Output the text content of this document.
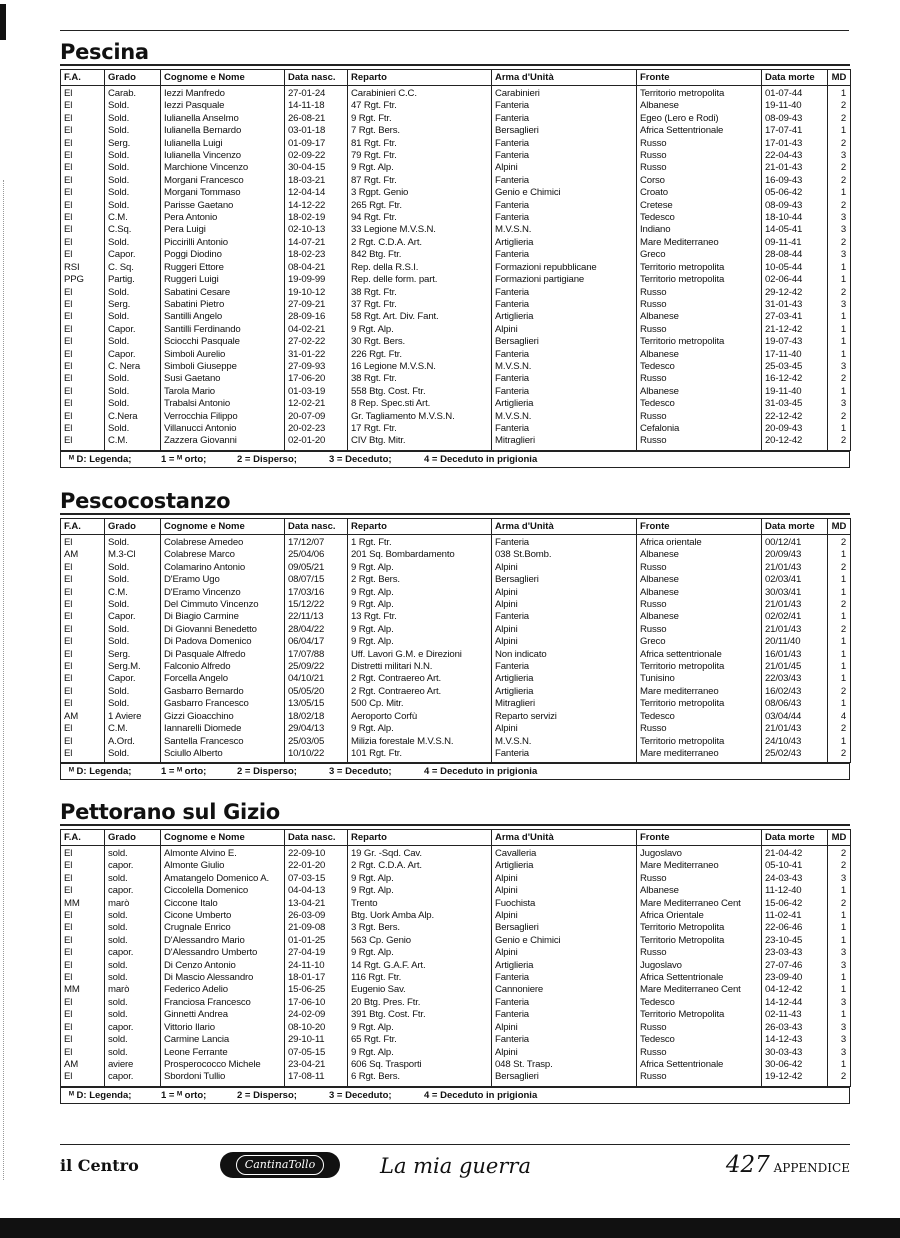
Pescina
F.A.	Grado	Cognome e Nome	Data nasc.	Reparto	Arma d'Unità	Fronte	Data morte	MD
El	Carab.	Iezzi Manfredo	27-01-24	Carabinieri C.C.	Carabinieri	Territorio metropolita	01-07-44	1
El	Sold.	Iezzi Pasquale	14-11-18	47 Rgt. Ftr.	Fanteria	Albanese	19-11-40	2
El	Sold.	Iulianella Anselmo	26-08-21	9 Rgt. Ftr.	Fanteria	Egeo (Lero e Rodi)	08-09-43	2
El	Sold.	Iulianella Bernardo	03-01-18	7 Rgt. Bers.	Bersaglieri	Africa Settentrionale	17-07-41	1
El	Serg.	Iulianella Luigi	01-09-17	81 Rgt. Ftr.	Fanteria	Russo	17-01-43	2
El	Sold.	Iulianella Vincenzo	02-09-22	79 Rgt. Ftr.	Fanteria	Russo	22-04-43	3
El	Sold.	Marchione Vincenzo	30-04-15	9 Rgt. Alp.	Alpini	Russo	21-01-43	2
El	Sold.	Morgani Francesco	18-03-21	87 Rgt. Ftr.	Fanteria	Corso	16-09-43	2
El	Sold.	Morgani Tommaso	12-04-14	3 Rgpt. Genio	Genio e Chimici	Croato	05-06-42	1
El	Sold.	Parisse Gaetano	14-12-22	265 Rgt. Ftr.	Fanteria	Cretese	08-09-43	2
El	C.M.	Pera Antonio	18-02-19	94 Rgt. Ftr.	Fanteria	Tedesco	18-10-44	3
El	C.Sq.	Pera Luigi	02-10-13	33 Legione M.V.S.N.	M.V.S.N.	Indiano	14-05-41	3
El	Sold.	Piccirilli Antonio	14-07-21	2 Rgt. C.D.A. Art.	Artiglieria	Mare Mediterraneo	09-11-41	2
El	Capor.	Poggi Diodino	18-02-23	842 Btg. Ftr.	Fanteria	Greco	28-08-44	3
RSI	C. Sq.	Ruggeri Ettore	08-04-21	Rep. della R.S.I.	Formazioni repubblicane	Territorio metropolita	10-05-44	1
PPG	Partig.	Ruggeri Luigi	19-09-99	Rep. delle form. part.	Formazioni partigiane	Territorio metropolita	02-06-44	1
El	Sold.	Sabatini Cesare	19-10-12	38 Rgt. Ftr.	Fanteria	Russo	29-12-42	2
El	Serg.	Sabatini Pietro	27-09-21	37 Rgt. Ftr.	Fanteria	Russo	31-01-43	3
El	Sold.	Santilli Angelo	28-09-16	58 Rgt. Art. Div. Fant.	Artiglieria	Albanese	27-03-41	1
El	Capor.	Santilli Ferdinando	04-02-21	9 Rgt. Alp.	Alpini	Russo	21-12-42	1
El	Sold.	Sciocchi Pasquale	27-02-22	30 Rgt. Bers.	Bersaglieri	Territorio metropolita	19-07-43	1
El	Capor.	Simboli Aurelio	31-01-22	226 Rgt. Ftr.	Fanteria	Albanese	17-11-40	1
El	C. Nera	Simboli Giuseppe	27-09-93	16 Legione M.V.S.N.	M.V.S.N.	Tedesco	25-03-45	3
El	Sold.	Susi Gaetano	17-06-20	38 Rgt. Ftr.	Fanteria	Russo	16-12-42	2
El	Sold.	Tarola Mario	01-03-19	558 Btg. Cost. Ftr.	Fanteria	Albanese	19-11-40	1
El	Sold.	Trabalsi Antonio	12-02-21	8 Rep. Spec.sti Art.	Artiglieria	Tedesco	31-03-45	3
El	C.Nera	Verrocchia Filippo	20-07-09	Gr. Tagliamento M.V.S.N.	M.V.S.N.	Russo	22-12-42	2
El	Sold.	Villanucci Antonio	20-02-23	17 Rgt. Ftr.	Fanteria	Cefalonia	20-09-43	1
El	C.M.	Zazzera Giovanni	02-01-20	CIV Btg. Mitr.	Mitraglieri	Russo	20-12-42	2
ᴹ D: Legenda;	1 = ᴹ orto;	2 = Disperso;	3 = Deceduto;	4 = Deceduto in prigionia
Pescocostanzo
F.A.	Grado	Cognome e Nome	Data nasc.	Reparto	Arma d'Unità	Fronte	Data morte	MD
El	Sold.	Colabrese Amedeo	17/12/07	1 Rgt. Ftr.	Fanteria	Africa orientale	00/12/41	2
AM	M.3-Cl	Colabrese Marco	25/04/06	201 Sq. Bombardamento	038 St.Bomb.	Albanese	20/09/43	1
El	Sold.	Colamarino Antonio	09/05/21	9 Rgt. Alp.	Alpini	Russo	21/01/43	2
El	Sold.	D'Eramo Ugo	08/07/15	2 Rgt. Bers.	Bersaglieri	Albanese	02/03/41	1
El	C.M.	D'Eramo Vincenzo	17/03/16	9 Rgt. Alp.	Alpini	Albanese	30/03/41	1
El	Sold.	Del Cimmuto Vincenzo	15/12/22	9 Rgt. Alp.	Alpini	Russo	21/01/43	2
El	Capor.	Di Biagio Carmine	22/11/13	13 Rgt. Ftr.	Fanteria	Albanese	02/02/41	1
El	Sold.	Di Giovanni Benedetto	28/04/22	9 Rgt. Alp.	Alpini	Russo	21/01/43	2
El	Sold.	Di Padova Domenico	06/04/17	9 Rgt. Alp.	Alpini	Greco	20/11/40	1
El	Serg.	Di Pasquale Alfredo	17/07/88	Uff. Lavori G.M. e Direzioni	Non indicato	Africa settentrionale	16/01/43	1
El	Serg.M.	Falconio Alfredo	25/09/22	Distretti militari N.N.	Fanteria	Territorio metropolita	21/01/45	1
El	Capor.	Forcella Angelo	04/10/21	2 Rgt. Contraereo Art.	Artiglieria	Tunisino	22/03/43	1
El	Sold.	Gasbarro Bernardo	05/05/20	2 Rgt. Contraereo Art.	Artiglieria	Mare mediterraneo	16/02/43	2
El	Sold.	Gasbarro Francesco	13/05/15	500 Cp. Mitr.	Mitraglieri	Territorio metropolita	08/06/43	1
AM	1 Aviere	Gizzi Gioacchino	18/02/18	Aeroporto Corfù	Reparto servizi	Tedesco	03/04/44	4
El	C.M.	Iannarelli Diomede	29/04/13	9 Rgt. Alp.	Alpini	Russo	21/01/43	2
El	A.Ord.	Santella Francesco	25/03/05	Milizia forestale M.V.S.N.	M.V.S.N.	Territorio metropolita	24/10/43	1
El	Sold.	Sciullo Alberto	10/10/22	101 Rgt. Ftr.	Fanteria	Mare mediterraneo	25/02/43	2
ᴹ D: Legenda;	1 = ᴹ orto;	2 = Disperso;	3 = Deceduto;	4 = Deceduto in prigionia
Pettorano sul Gizio
F.A.	Grado	Cognome e Nome	Data nasc.	Reparto	Arma d'Unità	Fronte	Data morte	MD
El	sold.	Almonte Alvino E.	22-09-10	19 Gr. -Sqd. Cav.	Cavalleria	Jugoslavo	21-04-42	2
El	capor.	Almonte Giulio	22-01-20	2 Rgt. C.D.A. Art.	Artiglieria	Mare Mediterraneo	05-10-41	2
El	sold.	Amatangelo Domenico A.	07-03-15	9 Rgt. Alp.	Alpini	Russo	24-03-43	3
El	capor.	Ciccolella Domenico	04-04-13	9 Rgt. Alp.	Alpini	Albanese	11-12-40	1
MM	marò	Ciccone Italo	13-04-21	Trento	Fuochista	Mare Mediterraneo Cent	15-06-42	2
El	sold.	Cicone Umberto	26-03-09	Btg. Uork Amba Alp.	Alpini	Africa Orientale	11-02-41	1
El	sold.	Crugnale Enrico	21-09-08	3 Rgt. Bers.	Bersaglieri	Territorio Metropolita	22-06-46	1
El	sold.	D'Alessandro Mario	01-01-25	563 Cp. Genio	Genio e Chimici	Territorio Metropolita	23-10-45	1
El	capor.	D'Alessandro Umberto	27-04-19	9 Rgt. Alp.	Alpini	Russo	23-03-43	3
El	sold.	Di Cenzo Antonio	24-11-10	14 Rgt. G.A.F. Art.	Artiglieria	Jugoslavo	27-07-46	3
El	sold.	Di Mascio Alessandro	18-01-17	116 Rgt. Ftr.	Fanteria	Africa Settentrionale	23-09-40	1
MM	marò	Federico Adelio	15-06-25	Eugenio Sav.	Cannoniere	Mare Mediterraneo Cent	04-12-42	1
El	sold.	Franciosa Francesco	17-06-10	20 Btg. Pres. Ftr.	Fanteria	Tedesco	14-12-44	3
El	sold.	Ginnetti Andrea	24-02-09	391 Btg. Cost. Ftr.	Fanteria	Territorio Metropolita	02-11-43	1
El	capor.	Vittorio Ilario	08-10-20	9 Rgt. Alp.	Alpini	Russo	26-03-43	3
El	sold.	Carmine Lancia	29-10-11	65 Rgt. Ftr.	Fanteria	Tedesco	14-12-43	3
El	sold.	Leone Ferrante	07-05-15	9 Rgt. Alp.	Alpini	Russo	30-03-43	3
AM	aviere	Prosperococco Michele	23-04-21	606 Sq. Trasporti	048 St. Trasp.	Africa Settentrionale	30-06-42	1
El	capor.	Sbordoni Tullio	17-08-11	6 Rgt. Bers.	Bersaglieri	Russo	19-12-42	2
ᴹ D: Legenda;	1 = ᴹ orto;	2 = Disperso;	3 = Deceduto;	4 = Deceduto in prigionia
il Centro	CantinaTollo	La mia guerra	427 APPENDICE
